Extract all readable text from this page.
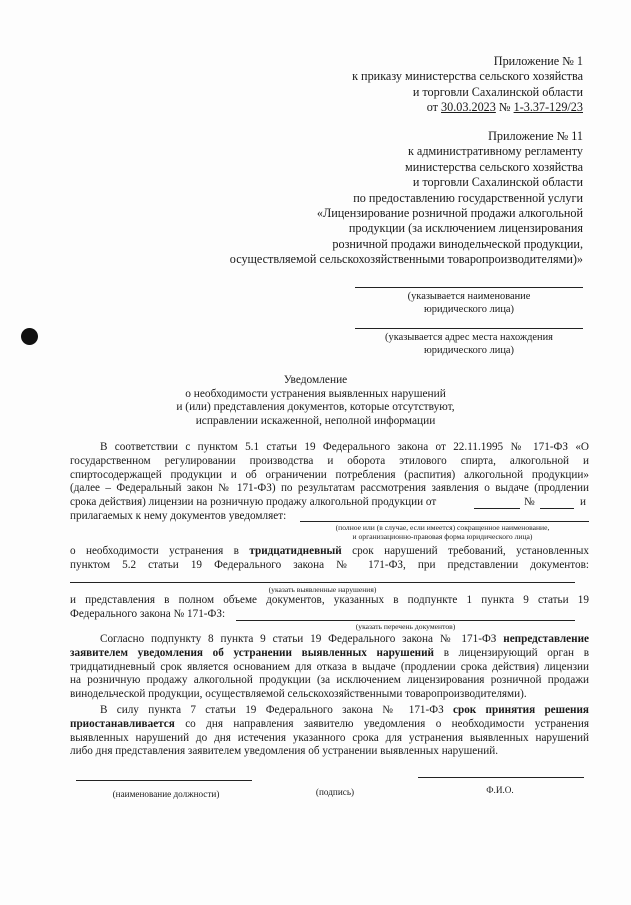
Приложение № 1
к приказу министерства сельского хозяйства
и торговли Сахалинской области
от 30.03.2023 № 1-3.37-129/23
Приложение № 11
к административному регламенту
министерства сельского хозяйства
и торговли Сахалинской области
по предоставлению государственной услуги
«Лицензирование розничной продажи алкогольной
продукции (за исключением лицензирования
розничной продажи винодельческой продукции,
осуществляемой сельскохозяйственными товаропроизводителями)»
(указывается наименование
юридического лица)
(указывается адрес места нахождения
юридического лица)
Уведомление
о необходимости устранения выявленных нарушений
и (или) представления документов, которые отсутствуют,
исправлении искаженной, неполной информации
В соответствии с пунктом 5.1 статьи 19 Федерального закона от 22.11.1995 № 171-ФЗ «О
государственном регулировании производства и оборота этилового спирта, алкогольной и
спиртосодержащей продукции и об ограничении потребления (распития) алкогольной продукции»
(далее – Федеральный закон № 171-ФЗ) по результатам рассмотрения заявления о выдаче (продлении
срока действия) лицензии на розничную продажу алкогольной продукции от
прилагаемых к нему документов уведомляет:
№	и
(полное или (в случае, если имеется) сокращенное наименование,
и организационно-правовая форма юридического лица)
о необходимости устранения в тридцатидневный срок нарушений требований, установленных
пунктом 5.2 статьи 19 Федерального закона № 171-ФЗ, при представлении документов:
(указать выявленные нарушения)
и представления в полном объеме документов, указанных в подпункте 1 пункта 9 статьи 19
Федерального закона № 171-ФЗ:
(указать перечень документов)
Согласно подпункту 8 пункта 9 статьи 19 Федерального закона № 171-ФЗ непредставление
заявителем уведомления об устранении выявленных нарушений в лицензирующий орган в
тридцатидневный срок является основанием для отказа в выдаче (продлении срока действия) лицензии
на розничную продажу алкогольной продукции (за исключением лицензирования розничной продажи
винодельческой продукции, осуществляемой сельскохозяйственными товаропроизводителями).
В силу пункта 7 статьи 19 Федерального закона № 171-ФЗ срок принятия решения
приостанавливается со дня направления заявителю уведомления о необходимости устранения
выявленных нарушений до дня истечения указанного срока для устранения выявленных нарушений
либо дня представления заявителем уведомления об устранении выявленных нарушений.
(наименование должности)	(подпись)	Ф.И.О.
